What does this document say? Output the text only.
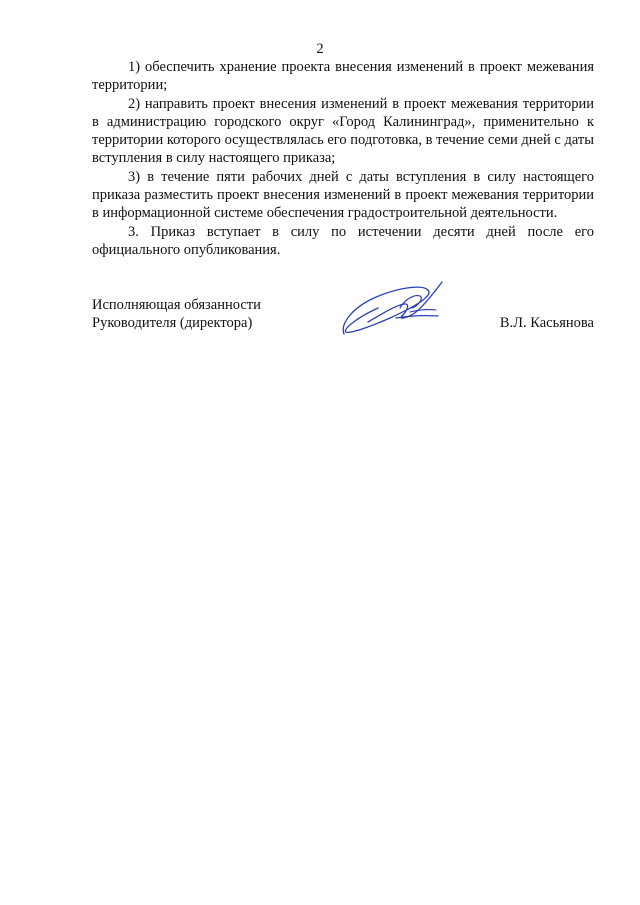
2

1) обеспечить хранение проекта внесения изменений в проект межевания территории;

2) направить проект внесения изменений в проект межевания территории в администрацию городского округ «Город Калининград», применительно к территории которого осуществлялась его подготовка, в течение семи дней с даты вступления в силу настоящего приказа;

3) в течение пяти рабочих дней с даты вступления в силу настоящего приказа разместить проект внесения изменений в проект межевания территории в информационной системе обеспечения градостроительной деятельности.

3. Приказ вступает в силу по истечении десяти дней после его официального опубликования.

Исполняющая обязанности
Руководителя (директора)	В.Л. Касьянова
